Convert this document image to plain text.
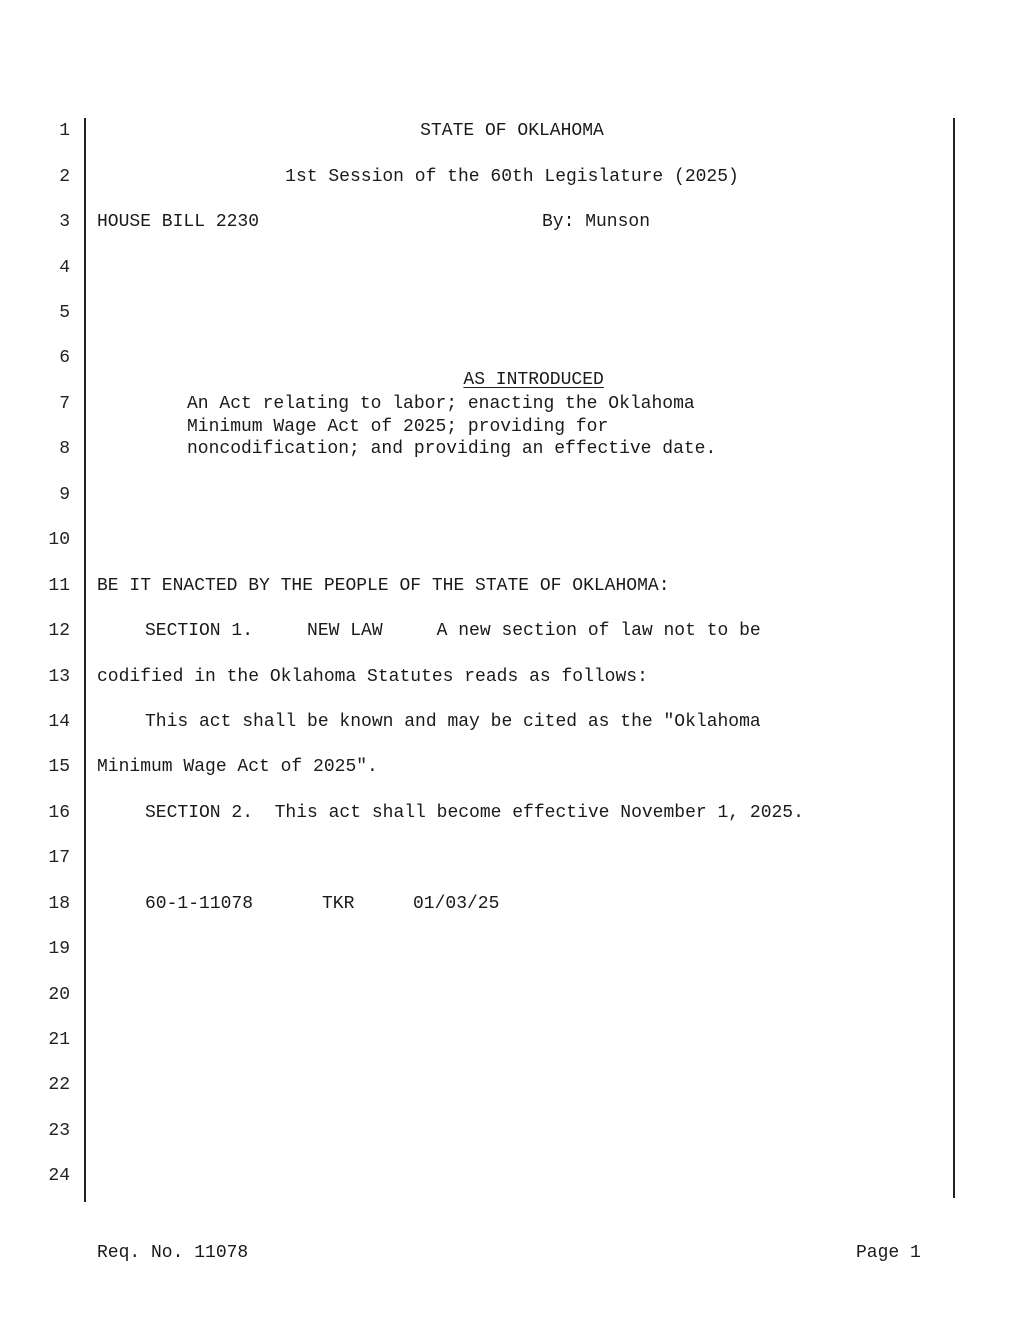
1
2
3
4
5
6
7
8
9
10
11
12
13
14
15
16
17
18
19
20
21
22
23
24
STATE OF OKLAHOMA
1st Session of the 60th Legislature (2025)
HOUSE BILL 2230	By: Munson

AS INTRODUCED

An Act relating to labor; enacting the Oklahoma
Minimum Wage Act of 2025; providing for
noncodification; and providing an effective date.
BE IT ENACTED BY THE PEOPLE OF THE STATE OF OKLAHOMA:
SECTION 1.     NEW LAW     A new section of law not to be
codified in the Oklahoma Statutes reads as follows:
This act shall be known and may be cited as the "Oklahoma
Minimum Wage Act of 2025".
SECTION 2.  This act shall become effective November 1, 2025.
60-1-11078	TKR	01/03/25
Req. No. 11078	Page 1
